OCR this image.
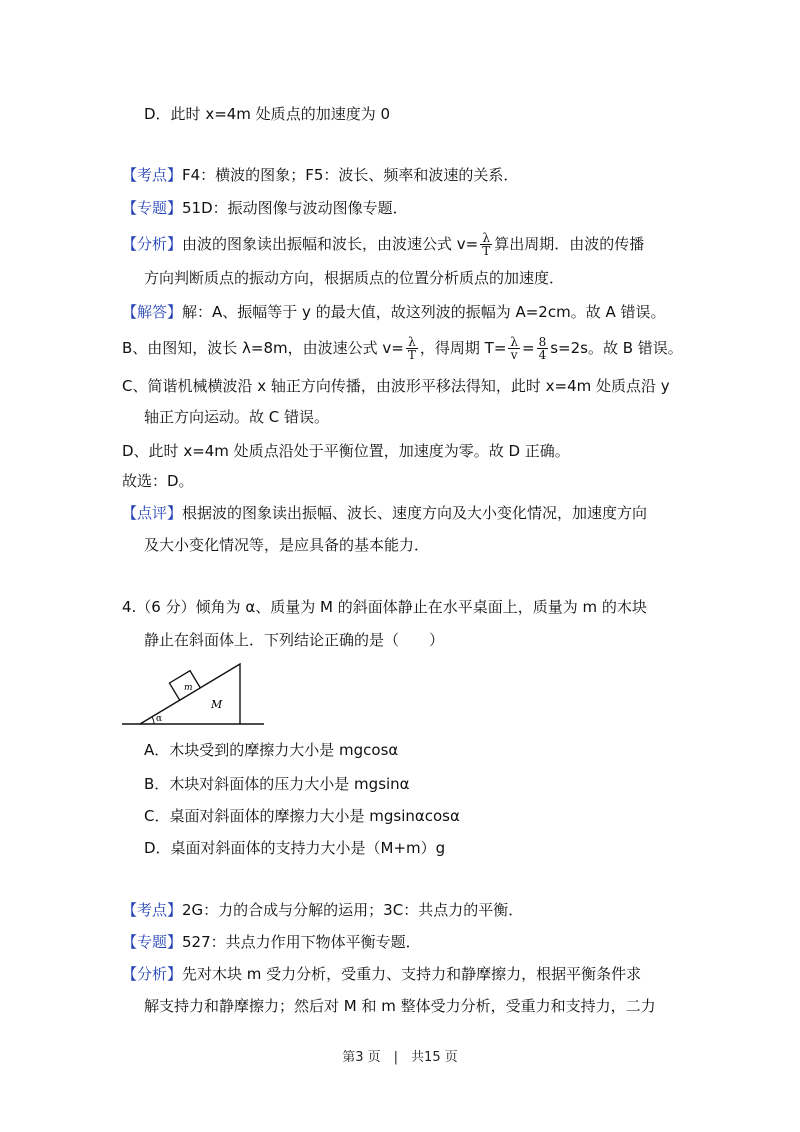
D．此时 x=4m 处质点的加速度为 0
【考点】F4：横波的图象；F5：波长、频率和波速的关系．
【专题】51D：振动图像与波动图像专题．
【分析】由波的图象读出振幅和波长，由波速公式 $v= \frac{\lambda}{T}$ 算出周期．由波的传播
方向判断质点的振动方向，根据质点的位置分析质点的加速度．
【解答】解：A、振幅等于 y 的最大值，故这列波的振幅为 A=2cm。故 A 错误。
B、由图知，波长 λ=8m，由波速公式 $v= \frac{\lambda}{T}$ ，得周期 $T= \frac{\lambda}{v} = \frac{8}{4} s=2s$。故 B 错误。
C、简谐机械横波沿 x 轴正方向传播，由波形平移法得知，此时 x=4m 处质点沿 y
轴正方向运动。故 C 错误。
D、此时 x=4m 处质点沿处于平衡位置，加速度为零。故 D 正确。
故选：D。
【点评】根据波的图象读出振幅、波长、速度方向及大小变化情况，加速度方向
及大小变化情况等，是应具备的基本能力．
4.（6 分）倾角为 α、质量为 M 的斜面体静止在水平桌面上，质量为 m 的木块
静止在斜面体上．下列结论正确的是（　　）
m
M
α
A．木块受到的摩擦力大小是 mgcosα
B．木块对斜面体的压力大小是 mgsinα
C．桌面对斜面体的摩擦力大小是 mgsinαcosα
D．桌面对斜面体的支持力大小是（M+m）g
【考点】2G：力的合成与分解的运用；3C：共点力的平衡．
【专题】527：共点力作用下物体平衡专题．
【分析】先对木块 m 受力分析，受重力、支持力和静摩擦力，根据平衡条件求
解支持力和静摩擦力；然后对 M 和 m 整体受力分析，受重力和支持力，二力
第3 页　|　共15 页
